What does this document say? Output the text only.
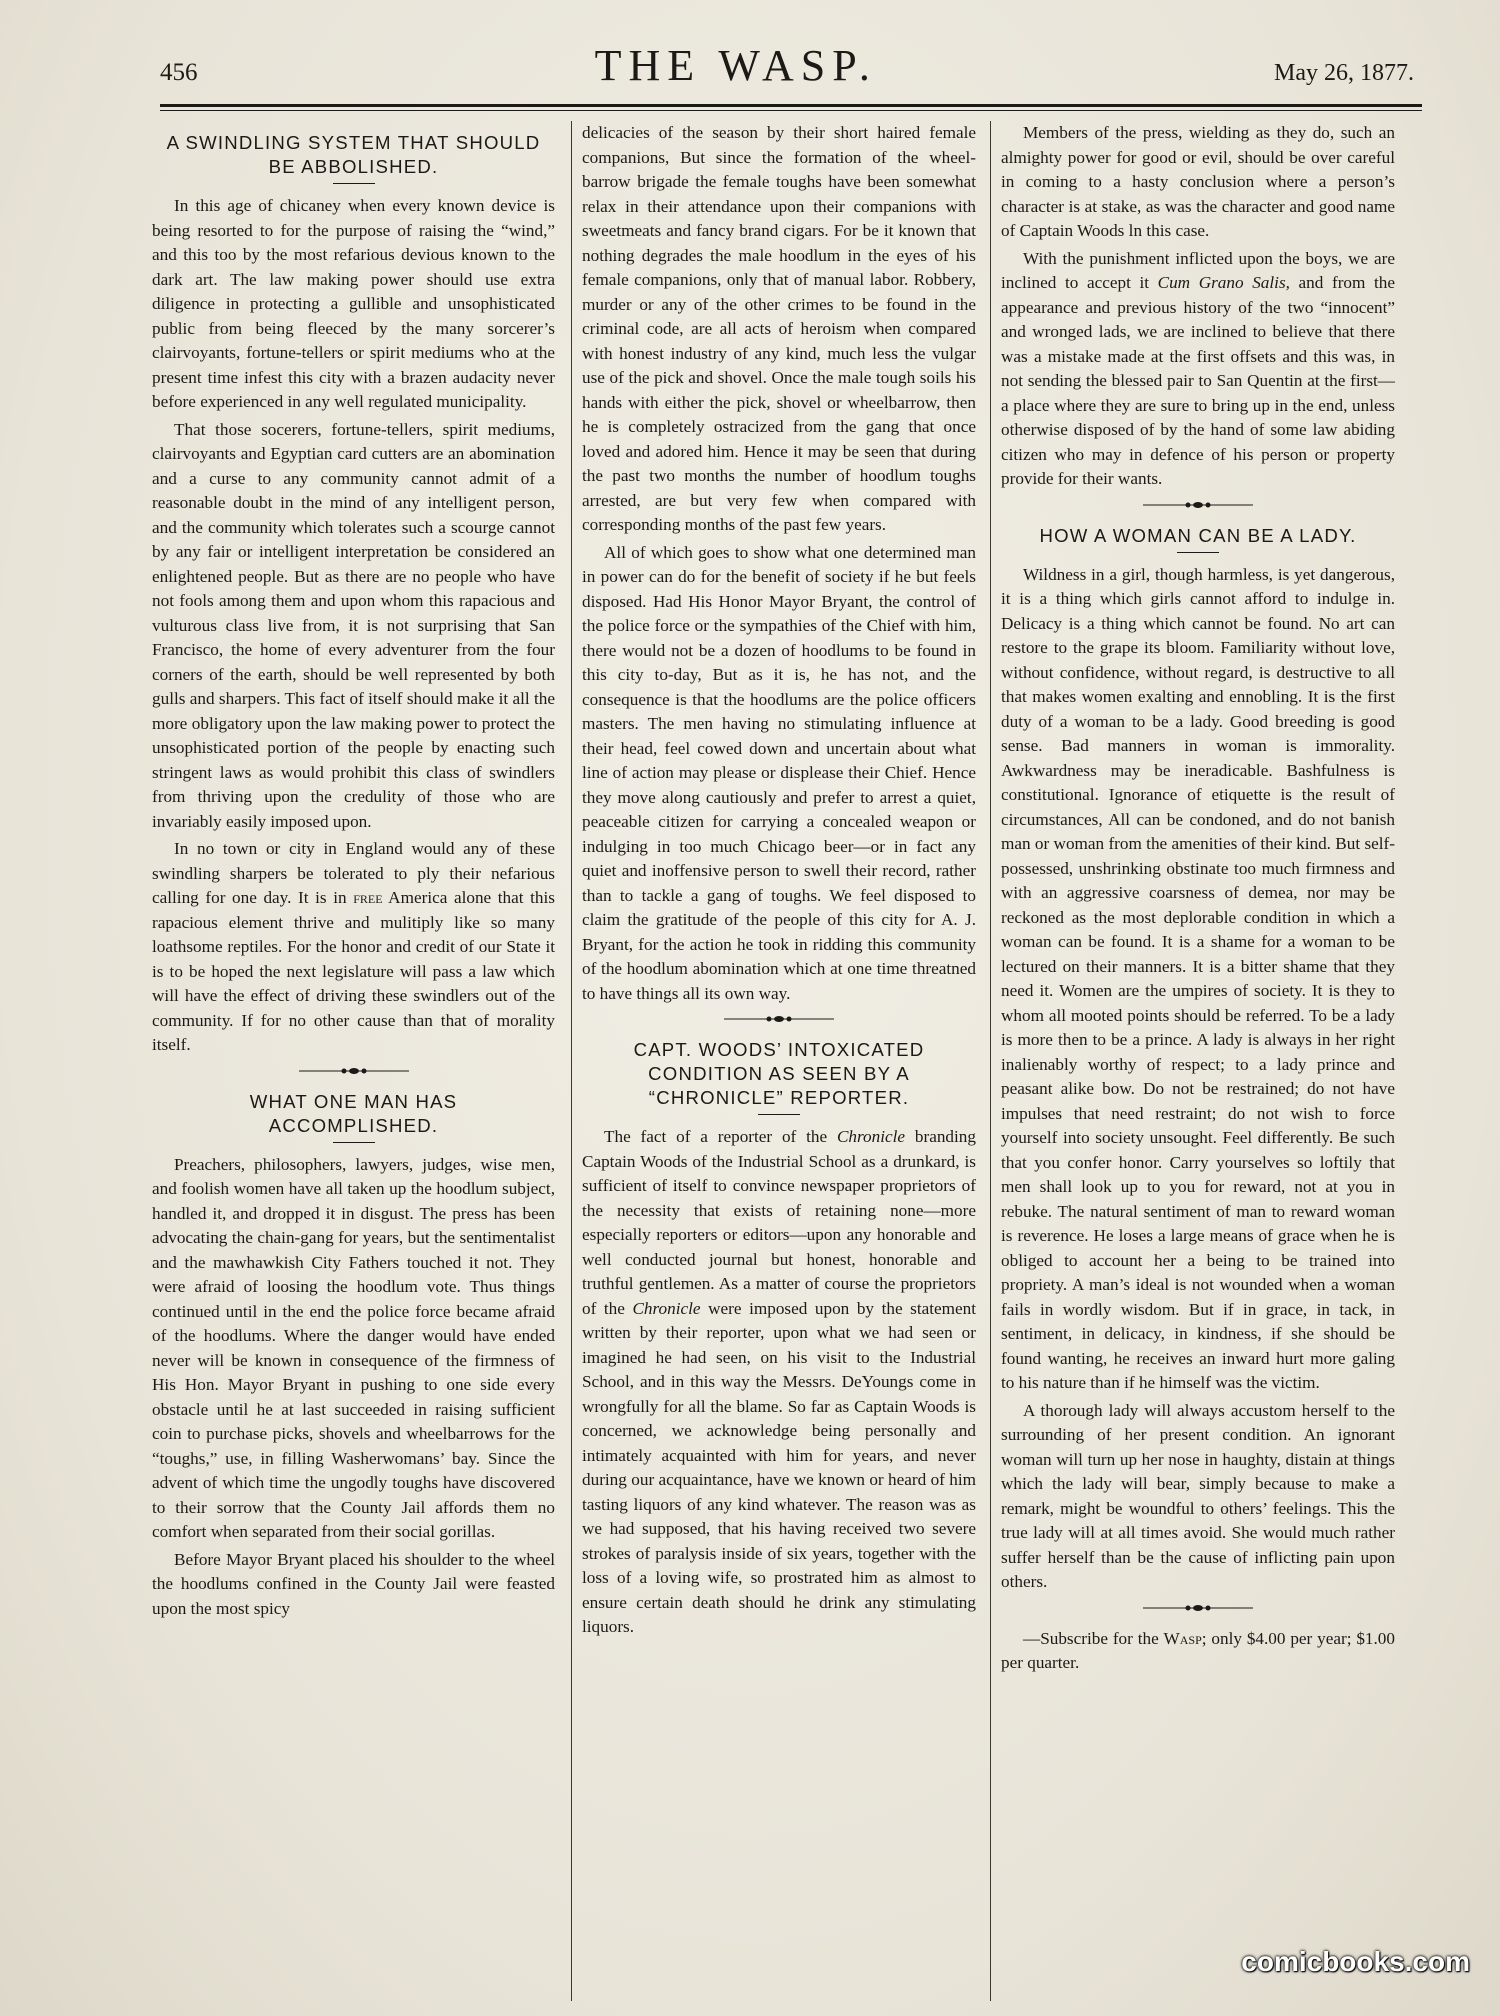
456	THE WASP.	May 26, 1877.
A SWINDLING SYSTEM THAT SHOULD BE ABBOLISHED.

In this age of chicaney when every known device is being resorted to for the purpose of raising the “wind,” and this too by the most refarious devious known to the dark art. The law making power should use extra diligence in protecting a gullible and unsophisticated public from being fleeced by the many sorcerer’s clairvoyants, fortune-tellers or spirit mediums who at the present time infest this city with a brazen audacity never before experienced in any well regulated municipality.

That those socerers, fortune-tellers, spirit mediums, clairvoyants and Egyptian card cutters are an abomination and a curse to any community cannot admit of a reasonable doubt in the mind of any intelligent person, and the community which tolerates such a scourge cannot by any fair or intelligent interpretation be considered an enlightened people. But as there are no people who have not fools among them and upon whom this rapacious and vulturous class live from, it is not surprising that San Francisco, the home of every adventurer from the four corners of the earth, should be well represented by both gulls and sharpers. This fact of itself should make it all the more obligatory upon the law making power to protect the unsophisticated portion of the people by enacting such stringent laws as would prohibit this class of swindlers from thriving upon the credulity of those who are invariably easily imposed upon.

In no town or city in England would any of these swindling sharpers be tolerated to ply their nefarious calling for one day. It is in free America alone that this rapacious element thrive and mulitiply like so many loathsome reptiles. For the honor and credit of our State it is to be hoped the next legislature will pass a law which will have the effect of driving these swindlers out of the community. If for no other cause than that of morality itself.

WHAT ONE MAN HAS ACCOMPLISHED.

Preachers, philosophers, lawyers, judges, wise men, and foolish women have all taken up the hoodlum subject, handled it, and dropped it in disgust. The press has been advocating the chain-gang for years, but the sentimentalist and the mawhawkish City Fathers touched it not. They were afraid of loosing the hoodlum vote. Thus things continued until in the end the police force became afraid of the hoodlums. Where the danger would have ended never will be known in consequence of the firmness of His Hon. Mayor Bryant in pushing to one side every obstacle until he at last succeeded in raising sufficient coin to purchase picks, shovels and wheelbarrows for the “toughs,” use, in filling Washerwomans’ bay. Since the advent of which time the ungodly toughs have discovered to their sorrow that the County Jail affords them no comfort when separated from their social gorillas.

Before Mayor Bryant placed his shoulder to the wheel the hoodlums confined in the County Jail were feasted upon the most spicy

delicacies of the season by their short haired female companions, But since the formation of the wheel-barrow brigade the female toughs have been somewhat relax in their attendance upon their companions with sweetmeats and fancy brand cigars. For be it known that nothing degrades the male hoodlum in the eyes of his female companions, only that of manual labor. Robbery, murder or any of the other crimes to be found in the criminal code, are all acts of heroism when compared with honest industry of any kind, much less the vulgar use of the pick and shovel. Once the male tough soils his hands with either the pick, shovel or wheelbarrow, then he is completely ostracized from the gang that once loved and adored him. Hence it may be seen that during the past two months the number of hoodlum toughs arrested, are but very few when compared with corresponding months of the past few years.

All of which goes to show what one determined man in power can do for the benefit of society if he but feels disposed. Had His Honor Mayor Bryant, the control of the police force or the sympathies of the Chief with him, there would not be a dozen of hoodlums to be found in this city to-day, But as it is, he has not, and the consequence is that the hoodlums are the police officers masters. The men having no stimulating influence at their head, feel cowed down and uncertain about what line of action may please or displease their Chief. Hence they move along cautiously and prefer to arrest a quiet, peaceable citizen for carrying a concealed weapon or indulging in too much Chicago beer—or in fact any quiet and inoffensive person to swell their record, rather than to tackle a gang of toughs. We feel disposed to claim the gratitude of the people of this city for A. J. Bryant, for the action he took in ridding this community of the hoodlum abomination which at one time threatned to have things all its own way.

CAPT. WOODS’ INTOXICATED CONDITION AS SEEN BY A “CHRONICLE” REPORTER.

The fact of a reporter of the Chronicle branding Captain Woods of the Industrial School as a drunkard, is sufficient of itself to convince newspaper proprietors of the necessity that exists of retaining none—more especially reporters or editors—upon any honorable and well conducted journal but honest, honorable and truthful gentlemen. As a matter of course the proprietors of the Chronicle were imposed upon by the statement written by their reporter, upon what we had seen or imagined he had seen, on his visit to the Industrial School, and in this way the Messrs. DeYoungs come in wrongfully for all the blame. So far as Captain Woods is concerned, we acknowledge being personally and intimately acquainted with him for years, and never during our acquaintance, have we known or heard of him tasting liquors of any kind whatever. The reason was as we had supposed, that his having received two severe strokes of paralysis inside of six years, together with the loss of a loving wife, so prostrated him as almost to ensure certain death should he drink any stimulating liquors.

Members of the press, wielding as they do, such an almighty power for good or evil, should be over careful in coming to a hasty conclusion where a person’s character is at stake, as was the character and good name of Captain Woods ln this case.

With the punishment inflicted upon the boys, we are inclined to accept it Cum Grano Salis, and from the appearance and previous history of the two “innocent” and wronged lads, we are inclined to believe that there was a mistake made at the first offsets and this was, in not sending the blessed pair to San Quentin at the first—a place where they are sure to bring up in the end, unless otherwise disposed of by the hand of some law abiding citizen who may in defence of his person or property provide for their wants.

HOW A WOMAN CAN BE A LADY.

Wildness in a girl, though harmless, is yet dangerous, it is a thing which girls cannot afford to indulge in. Delicacy is a thing which cannot be found. No art can restore to the grape its bloom. Familiarity without love, without confidence, without regard, is destructive to all that makes women exalting and ennobling. It is the first duty of a woman to be a lady. Good breeding is good sense. Bad manners in woman is immorality. Awkwardness may be ineradicable. Bashfulness is constitutional. Ignorance of etiquette is the result of circumstances, All can be condoned, and do not banish man or woman from the amenities of their kind. But self-possessed, unshrinking obstinate too much firmness and with an aggressive coarsness of demea, nor may be reckoned as the most deplorable condition in which a woman can be found. It is a shame for a woman to be lectured on their manners. It is a bitter shame that they need it. Women are the umpires of society. It is they to whom all mooted points should be referred. To be a lady is more then to be a prince. A lady is always in her right inalienably worthy of respect; to a lady prince and peasant alike bow. Do not be restrained; do not have impulses that need restraint; do not wish to force yourself into society unsought. Feel differently. Be such that you confer honor. Carry yourselves so loftily that men shall look up to you for reward, not at you in rebuke. The natural sentiment of man to reward woman is reverence. He loses a large means of grace when he is obliged to account her a being to be trained into propriety. A man’s ideal is not wounded when a woman fails in wordly wisdom. But if in grace, in tack, in sentiment, in delicacy, in kindness, if she should be found wanting, he receives an inward hurt more galing to his nature than if he himself was the victim.

A thorough lady will always accustom herself to the surrounding of her present condition. An ignorant woman will turn up her nose in haughty, distain at things which the lady will bear, simply because to make a remark, might be woundful to others’ feelings. This the true lady will at all times avoid. She would much rather suffer herself than be the cause of inflicting pain upon others.

—Subscribe for the Wasp; only $4.00 per year; $1.00 per quarter.

comicbooks.com
